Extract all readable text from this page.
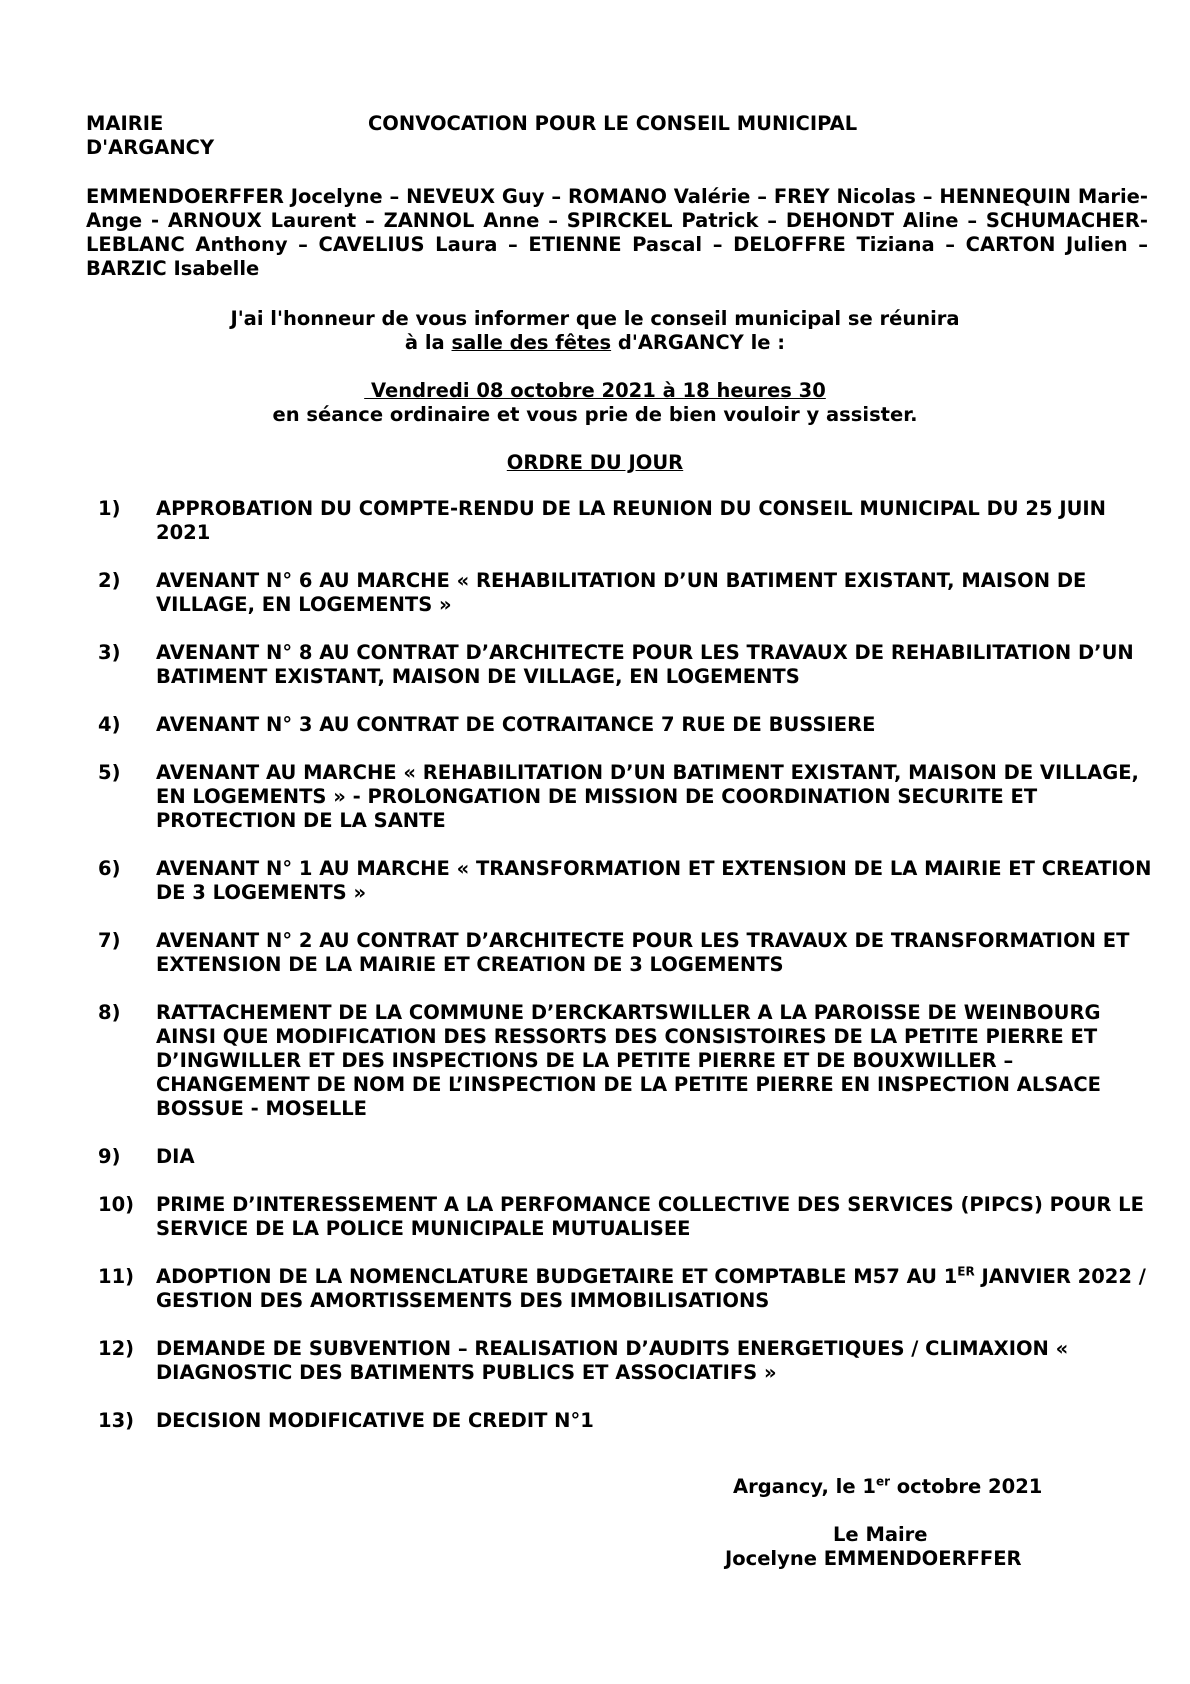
MAIRIE
D'ARGANCY
CONVOCATION POUR LE CONSEIL MUNICIPAL
EMMENDOERFFER Jocelyne – NEVEUX Guy – ROMANO Valérie – FREY Nicolas – HENNEQUIN Marie-Ange - ARNOUX Laurent – ZANNOL Anne – SPIRCKEL Patrick – DEHONDT Aline – SCHUMACHER-LEBLANC Anthony – CAVELIUS Laura – ETIENNE Pascal – DELOFFRE Tiziana – CARTON Julien – BARZIC Isabelle
J'ai l'honneur de vous informer que le conseil municipal se réunira
à la salle des fêtes d'ARGANCY le :
Vendredi 08 octobre 2021 à 18 heures 30
en séance ordinaire et vous prie de bien vouloir y assister.
ORDRE DU JOUR
1)	APPROBATION DU COMPTE-RENDU DE LA REUNION DU CONSEIL MUNICIPAL DU 25 JUIN 2021
2)	AVENANT N° 6 AU MARCHE « REHABILITATION D’UN BATIMENT EXISTANT, MAISON DE VILLAGE, EN LOGEMENTS »
3)	AVENANT N° 8 AU CONTRAT D’ARCHITECTE POUR LES TRAVAUX DE REHABILITATION D’UN BATIMENT EXISTANT, MAISON DE VILLAGE, EN LOGEMENTS
4)	AVENANT N° 3 AU CONTRAT DE COTRAITANCE 7 RUE DE BUSSIERE
5)	AVENANT AU MARCHE « REHABILITATION D’UN BATIMENT EXISTANT, MAISON DE VILLAGE, EN LOGEMENTS » - PROLONGATION DE MISSION DE COORDINATION SECURITE ET PROTECTION DE LA SANTE
6)	AVENANT N° 1 AU MARCHE « TRANSFORMATION ET EXTENSION DE LA MAIRIE ET CREATION DE 3 LOGEMENTS »
7)	AVENANT N° 2 AU CONTRAT D’ARCHITECTE POUR LES TRAVAUX DE TRANSFORMATION ET EXTENSION DE LA MAIRIE ET CREATION DE 3 LOGEMENTS
8)	RATTACHEMENT DE LA COMMUNE D’ERCKARTSWILLER A LA PAROISSE DE WEINBOURG AINSI QUE MODIFICATION DES RESSORTS DES CONSISTOIRES DE LA PETITE PIERRE ET D’INGWILLER ET DES INSPECTIONS DE LA PETITE PIERRE ET DE BOUXWILLER – CHANGEMENT DE NOM DE L’INSPECTION DE LA PETITE PIERRE EN INSPECTION ALSACE BOSSUE - MOSELLE
9)	DIA
10)	PRIME D’INTERESSEMENT A LA PERFOMANCE COLLECTIVE DES SERVICES (PIPCS) POUR LE SERVICE DE LA POLICE MUNICIPALE MUTUALISEE
11)	ADOPTION DE LA NOMENCLATURE BUDGETAIRE ET COMPTABLE M57 AU 1ER JANVIER 2022 / GESTION DES AMORTISSEMENTS DES IMMOBILISATIONS
12)	DEMANDE DE SUBVENTION – REALISATION D’AUDITS ENERGETIQUES / CLIMAXION « DIAGNOSTIC DES BATIMENTS PUBLICS ET ASSOCIATIFS »
13)	DECISION MODIFICATIVE DE CREDIT N°1
Argancy, le 1er octobre 2021
Le Maire
Jocelyne EMMENDOERFFER
